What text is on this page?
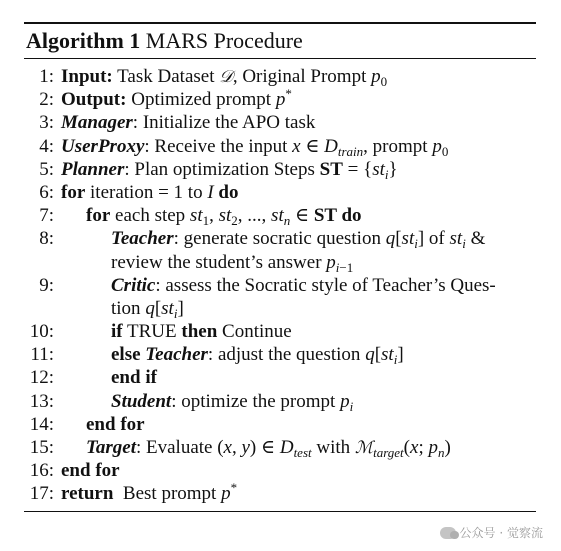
Algorithm 1 MARS Procedure
1: Input: Task Dataset 𝒟, Original Prompt $p_0$
2: Output: Optimized prompt p*
3: Manager: Initialize the APO task
4: UserProxy: Receive the input x ∈ $D_{train}$, prompt $p_0$
5: Planner: Plan optimization Steps ST = $\{st_i\}$
6: for iteration = 1 to I do
7: for each step $st_1$, $st_2$, ..., $st_n$ ∈ ST do
8:	Teacher: generate socratic question $q[st_i]$ of $st_i$ &
review the student’s answer $p_{i-1}$
9:	Critic: assess the Socratic style of Teacher’s Ques-
tion $q[st_i]$
10:	if TRUE then Continue
11:	else Teacher: adjust the question $q[st_i]$
12:	end if
13:	Student: optimize the prompt $p_i$
14: end for
15: Target: Evaluate (x, y) ∈ $D_{test}$ with ℳ$_{target}$(x; $p_n$)
16: end for
17: return  Best prompt p*
公众号 · 觉察流
